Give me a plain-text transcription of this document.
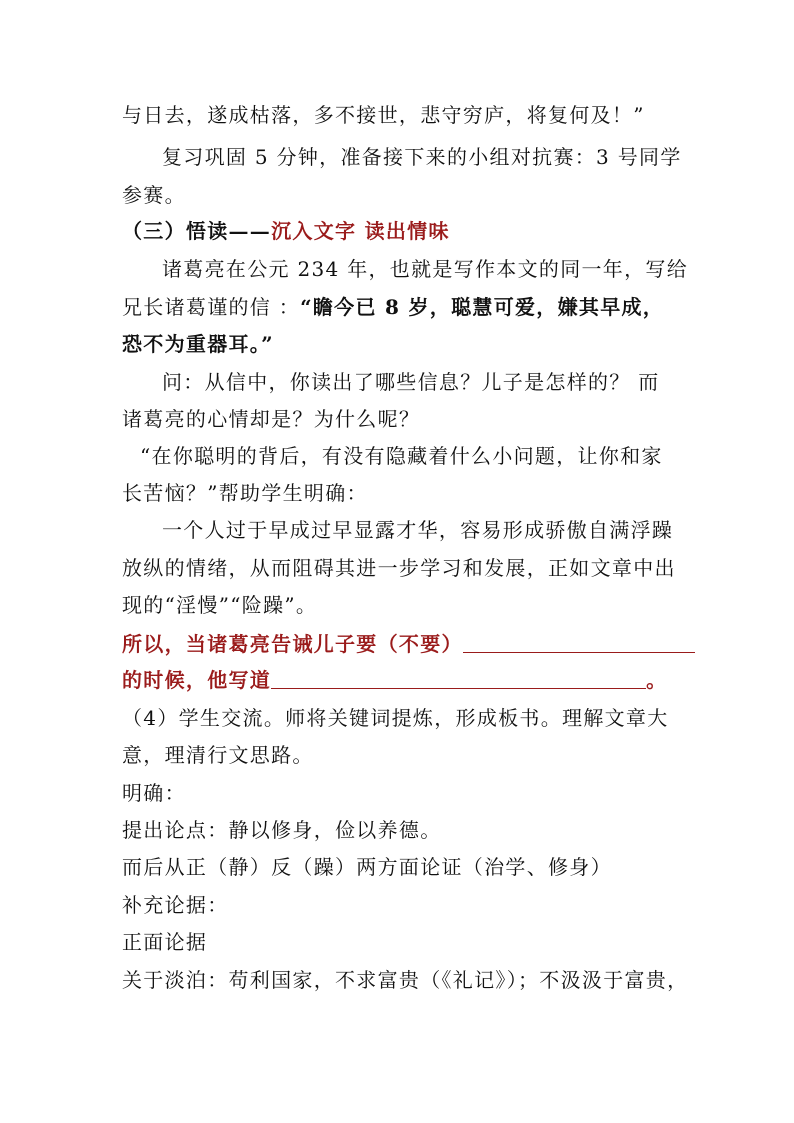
与日去，遂成枯落，多不接世，悲守穷庐，将复何及！”
复习巩固 5 分钟，准备接下来的小组对抗赛：3 号同学
参赛。
（三）悟读——沉入文字 读出情味
诸葛亮在公元 234 年，也就是写作本文的同一年，写给
兄长诸葛谨的信 ：“瞻今已 8 岁，聪慧可爱，嫌其早成，
恐不为重器耳。”
问：从信中，你读出了哪些信息？儿子是怎样的？ 而
诸葛亮的心情却是？为什么呢？
“在你聪明的背后，有没有隐藏着什么小问题，让你和家
长苦恼？”帮助学生明确：
一个人过于早成过早显露才华，容易形成骄傲自满浮躁
放纵的情绪，从而阻碍其进一步学习和发展，正如文章中出
现的“淫慢”“险躁”。
所以，当诸葛亮告诫儿子要（不要）
的时候，他写道	。
（4）学生交流。师将关键词提炼，形成板书。理解文章大
意，理清行文思路。
明确：
提出论点：静以修身，俭以养德。
而后从正（静）反（躁）两方面论证（治学、修身）
补充论据：
正面论据
关于淡泊：苟利国家，不求富贵（《礼记》）；不汲汲于富贵，
